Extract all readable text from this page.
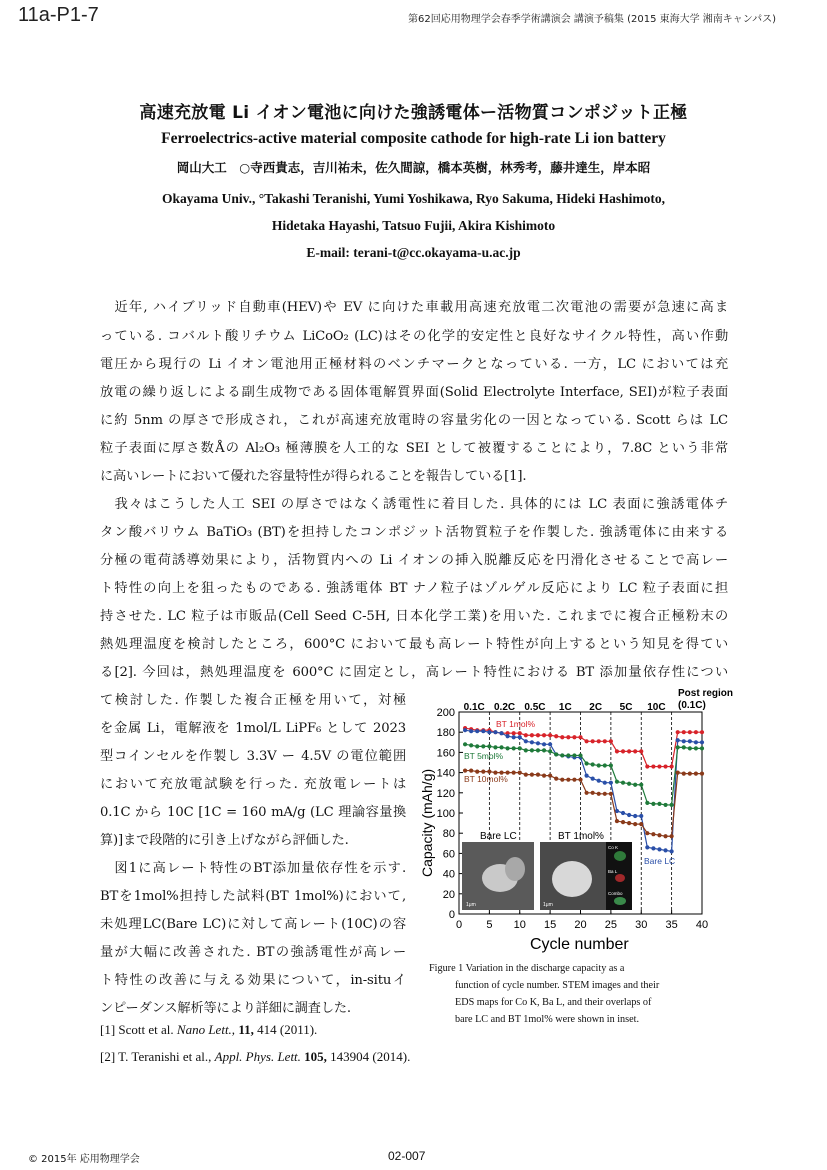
11a-P1-7	第62回応用物理学会春季学術講演会 講演予稿集 (2015 東海大学 湘南キャンパス)
高速充放電 Li イオン電池に向けた強誘電体ー活物質コンポジット正極
Ferroelectrics-active material composite cathode for high-rate Li ion battery
岡山大工　○寺西貴志，吉川祐未，佐久間諒，橋本英樹，林秀考，藤井達生，岸本昭
Okayama Univ., °Takashi Teranishi, Yumi Yoshikawa, Ryo Sakuma, Hideki Hashimoto,
Hidetaka Hayashi, Tatsuo Fujii, Akira Kishimoto
E-mail: terani-t@cc.okayama-u.ac.jp
　近年, ハイブリッド自動車(HEV)や EV に向けた車載用高速充放電二次電池の需要が急速に高ま
っている. コバルト酸リチウム LiCoO₂ (LC)はその化学的安定性と良好なサイクル特性，高い作動
電圧から現行の Li イオン電池用正極材料のベンチマークとなっている. 一方，LC においては充
放電の繰り返しによる副生成物である固体電解質界面(Solid Electrolyte Interface, SEI)が粒子表面
に約 5nm の厚さで形成され，これが高速充放電時の容量劣化の一因となっている. Scott らは LC
粒子表面に厚さ数Åの Al₂O₃ 極薄膜を人工的な SEI として被覆することにより，7.8C という非常
に高いレートにおいて優れた容量特性が得られることを報告している[1].
　我々はこうした人工 SEI の厚さではなく誘電性に着目した. 具体的には LC 表面に強誘電体チ
タン酸バリウム BaTiO₃ (BT)を担持したコンポジット活物質粒子を作製した. 強誘電体に由来する
分極の電荷誘導効果により，活物質内への Li イオンの挿入脱離反応を円滑化させることで高レー
ト特性の向上を狙ったものである. 強誘電体 BT ナノ粒子はゾルゲル反応により LC 粒子表面に担
持させた. LC 粒子は市販品(Cell Seed C-5H, 日本化学工業)を用いた. これまでに複合正極粉末の
熱処理温度を検討したところ，600°C において最も高レート特性が向上するという知見を得てい
る[2]. 今回は，熱処理温度を 600°C に固定とし，高レート特性における BT 添加量依存性につい
て検討した. 作製した複合正極を用いて，対極
を金属 Li，電解液を 1mol/L LiPF₆ として 2023
型コインセルを作製し 3.3V ー 4.5V の電位範囲
において充放電試験を行った. 充放電レートは
0.1C から 10C [1C = 160 mA/g (LC 理論容量換
算)]まで段階的に引き上げながら評価した.
　図1に高レート特性のBT添加量依存性を示す.
BTを1mol%担持した試料(BT 1mol%)において,
未処理LC(Bare LC)に対して高レート(10C)の容
量が大幅に改善された. BTの強誘電性が高レー
ト特性の改善に与える効果について，in-situイ
ンピーダンス解析等により詳細に調査した.
[1] Scott et al. Nano Lett., 11, 414 (2011).
[2] T. Teranishi et al., Appl. Phys. Lett. 105, 143904 (2014).
0.1C 0.2C 0.5C 1C 2C 5C 10C
Post region
(0.1C)
0
20
40
60
80
100
120
140
160
180
200
0 5 10 15 20 25 30 35 40
BT 1mol%
Bare LC
BT 5mol%
BT 10mol%
Bare LC	BT 1mol%
Co K
Ba L
Combo
1μm	1μm
Cycle number
Capacity (mAh/g)
Figure 1 Variation in the discharge capacity as a
function of cycle number. STEM images and their
EDS maps for Co K, Ba L, and their overlaps of
bare LC and BT 1mol% were shown in inset.
© 2015年 応用物理学会	02-007
